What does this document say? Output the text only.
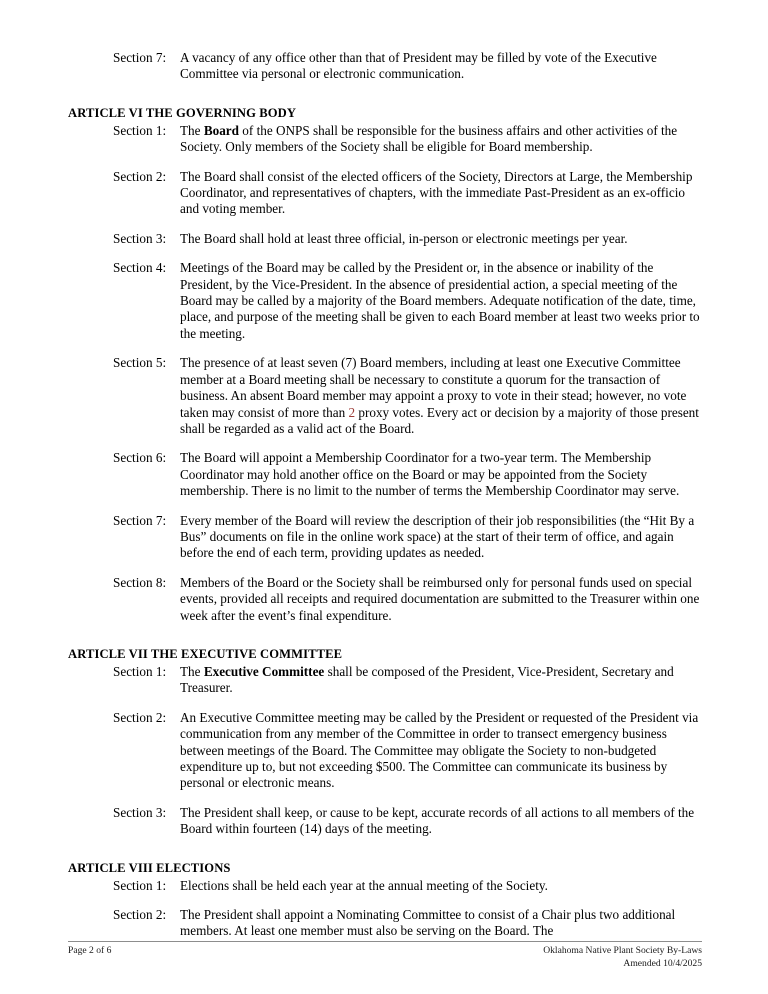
Section 7:	A vacancy of any office other than that of President may be filled by vote of the Executive Committee via personal or electronic communication.
ARTICLE VI THE GOVERNING BODY
Section 1:	The Board of the ONPS shall be responsible for the business affairs and other activities of the Society. Only members of the Society shall be eligible for Board membership.
Section 2:	The Board shall consist of the elected officers of the Society, Directors at Large, the Membership Coordinator, and representatives of chapters, with the immediate Past-President as an ex-officio and voting member.
Section 3:	The Board shall hold at least three official, in-person or electronic meetings per year.
Section 4:	Meetings of the Board may be called by the President or, in the absence or inability of the President, by the Vice-President. In the absence of presidential action, a special meeting of the Board may be called by a majority of the Board members. Adequate notification of the date, time, place, and purpose of the meeting shall be given to each Board member at least two weeks prior to the meeting.
Section 5:	The presence of at least seven (7) Board members, including at least one Executive Committee member at a Board meeting shall be necessary to constitute a quorum for the transaction of business. An absent Board member may appoint a proxy to vote in their stead; however, no vote taken may consist of more than 2 proxy votes. Every act or decision by a majority of those present shall be regarded as a valid act of the Board.
Section 6:	The Board will appoint a Membership Coordinator for a two-year term. The Membership Coordinator may hold another office on the Board or may be appointed from the Society membership. There is no limit to the number of terms the Membership Coordinator may serve.
Section 7:	Every member of the Board will review the description of their job responsibilities (the “Hit By a Bus” documents on file in the online work space) at the start of their term of office, and again before the end of each term, providing updates as needed.
Section 8:	Members of the Board or the Society shall be reimbursed only for personal funds used on special events, provided all receipts and required documentation are submitted to the Treasurer within one week after the event’s final expenditure.
ARTICLE VII THE EXECUTIVE COMMITTEE
Section 1:	The Executive Committee shall be composed of the President, Vice-President, Secretary and Treasurer.
Section 2:	An Executive Committee meeting may be called by the President or requested of the President via communication from any member of the Committee in order to transect emergency business between meetings of the Board. The Committee may obligate the Society to non-budgeted expenditure up to, but not exceeding $500. The Committee can communicate its business by personal or electronic means.
Section 3:	The President shall keep, or cause to be kept, accurate records of all actions to all members of the Board within fourteen (14) days of the meeting.
ARTICLE VIII ELECTIONS
Section 1:	Elections shall be held each year at the annual meeting of the Society.
Section 2:	The President shall appoint a Nominating Committee to consist of a Chair plus two additional members. At least one member must also be serving on the Board. The
Page 2 of 6	Oklahoma Native Plant Society By-Laws
Amended 10/4/2025
